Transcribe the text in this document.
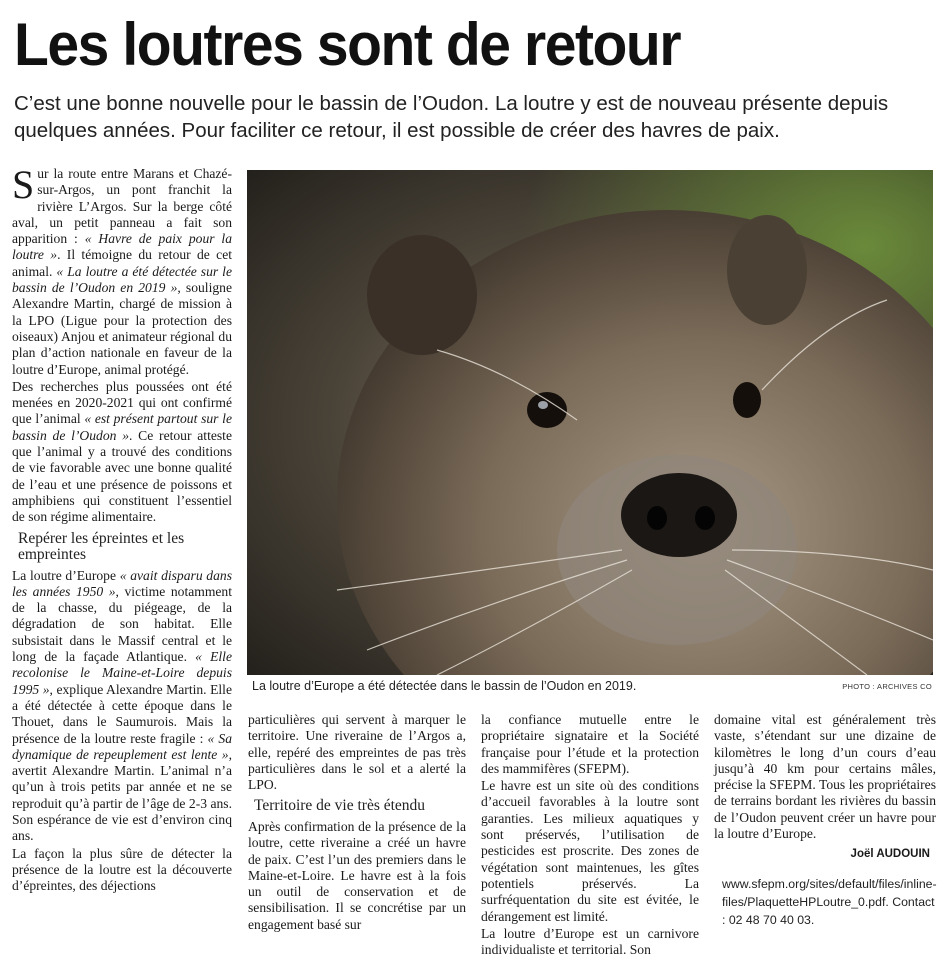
Les loutres sont de retour
C’est une bonne nouvelle pour le bassin de l’Oudon. La loutre y est de nouveau présente depuis quelques années. Pour faciliter ce retour, il est possible de créer des havres de paix.

Sur la route entre Marans et Chazé-sur-Argos, un pont franchit la rivière L’Argos. Sur la berge côté aval, un petit panneau a fait son apparition : « Havre de paix pour la loutre ». Il témoigne du retour de cet animal. « La loutre a été détectée sur le bassin de l’Oudon en 2019 », souligne Alexandre Martin, chargé de mission à la LPO (Ligue pour la protection des oiseaux) Anjou et animateur régional du plan d’action nationale en faveur de la loutre d’Europe, animal protégé.

Des recherches plus poussées ont été menées en 2020-2021 qui ont confirmé que l’animal « est présent partout sur le bassin de l’Oudon ». Ce retour atteste que l’animal y a trouvé des conditions de vie favorable avec une bonne qualité de l’eau et une présence de poissons et amphibiens qui constituent l’essentiel de son régime alimentaire.

Repérer les épreintes et les empreintes

La loutre d’Europe « avait disparu dans les années 1950 », victime notamment de la chasse, du piégeage, de la dégradation de son habitat. Elle subsistait dans le Massif central et le long de la façade Atlantique. « Elle recolonise le Maine-et-Loire depuis 1995 », explique Alexandre Martin. Elle a été détectée à cette époque dans le Thouet, dans le Saumurois. Mais la présence de la loutre reste fragile : « Sa dynamique de repeuplement est lente », avertit Alexandre Martin. L’animal n’a qu’un à trois petits par année et ne se reproduit qu’à partir de l’âge de 2-3 ans. Son espérance de vie est d’environ cinq ans.

La façon la plus sûre de détecter la présence de la loutre est la découverte d’épreintes, des déjections

La loutre d’Europe a été détectée dans le bassin de l’Oudon en 2019.	PHOTO : ARCHIVES CO

particulières qui servent à marquer le territoire. Une riveraine de l’Argos a, elle, repéré des empreintes de pas très particulières dans le sol et a alerté la LPO.

Territoire de vie très étendu

Après confirmation de la présence de la loutre, cette riveraine a créé un havre de paix. C’est l’un des premiers dans le Maine-et-Loire. Le havre est à la fois un outil de conservation et de sensibilisation. Il se concrétise par un engagement basé sur

la confiance mutuelle entre le propriétaire signataire et la Société française pour l’étude et la protection des mammifères (SFEPM).

Le havre est un site où des conditions d’accueil favorables à la loutre sont garanties. Les milieux aquatiques y sont préservés, l’utilisation de pesticides est proscrite. Des zones de végétation sont maintenues, les gîtes potentiels préservés. La surfréquentation du site est évitée, le dérangement est limité.

La loutre d’Europe est un carnivore individualiste et territorial. Son

domaine vital est généralement très vaste, s’étendant sur une dizaine de kilomètres le long d’un cours d’eau jusqu’à 40 km pour certains mâles, précise la SFEPM. Tous les propriétaires de terrains bordant les rivières du bassin de l’Oudon peuvent créer un havre pour la loutre d’Europe.

Joël AUDOUIN
www.sfepm.org/sites/default/files/inline-files/PlaquetteHPLoutre_0.pdf. Contact : 02 48 70 40 03.
